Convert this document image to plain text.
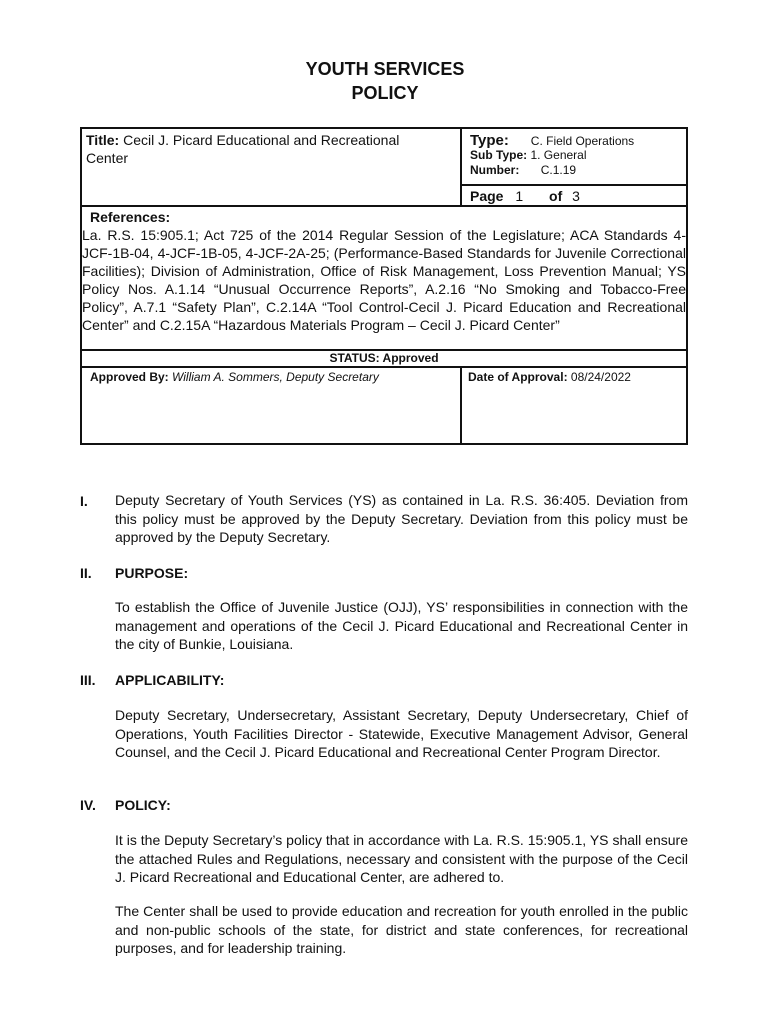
YOUTH SERVICES
POLICY
Title: Cecil J. Picard Educational and Recreational
Center
Type: C. Field Operations
Sub Type: 1. General
Number: C.1.19
Page 1 of 3
References:
La. R.S. 15:905.1; Act 725 of the 2014 Regular Session of the Legislature; ACA Standards 4-JCF-1B-04, 4-JCF-1B-05, 4-JCF-2A-25; (Performance-Based Standards for Juvenile Correctional Facilities); Division of Administration, Office of Risk Management, Loss Prevention Manual; YS Policy Nos. A.1.14 “Unusual Occurrence Reports”, A.2.16 “No Smoking and Tobacco-Free Policy”, A.7.1 “Safety Plan”, C.2.14A “Tool Control-Cecil J. Picard Education and Recreational Center” and C.2.15A “Hazardous Materials Program – Cecil J. Picard Center”
STATUS: Approved
Approved By: William A. Sommers, Deputy Secretary	Date of Approval: 08/24/2022
I. Deputy Secretary of Youth Services (YS) as contained in La. R.S. 36:405. Deviation from this policy must be approved by the Deputy Secretary. Deviation from this policy must be approved by the Deputy Secretary.
II. PURPOSE:
To establish the Office of Juvenile Justice (OJJ), YS’ responsibilities in connection with the management and operations of the Cecil J. Picard Educational and Recreational Center in the city of Bunkie, Louisiana.
III. APPLICABILITY:
Deputy Secretary, Undersecretary, Assistant Secretary, Deputy Undersecretary, Chief of Operations, Youth Facilities Director - Statewide, Executive Management Advisor, General Counsel, and the Cecil J. Picard Educational and Recreational Center Program Director.
IV. POLICY:
It is the Deputy Secretary’s policy that in accordance with La. R.S. 15:905.1, YS shall ensure the attached Rules and Regulations, necessary and consistent with the purpose of the Cecil J. Picard Recreational and Educational Center, are adhered to.
The Center shall be used to provide education and recreation for youth enrolled in the public and non-public schools of the state, for district and state conferences, for recreational purposes, and for leadership training.
